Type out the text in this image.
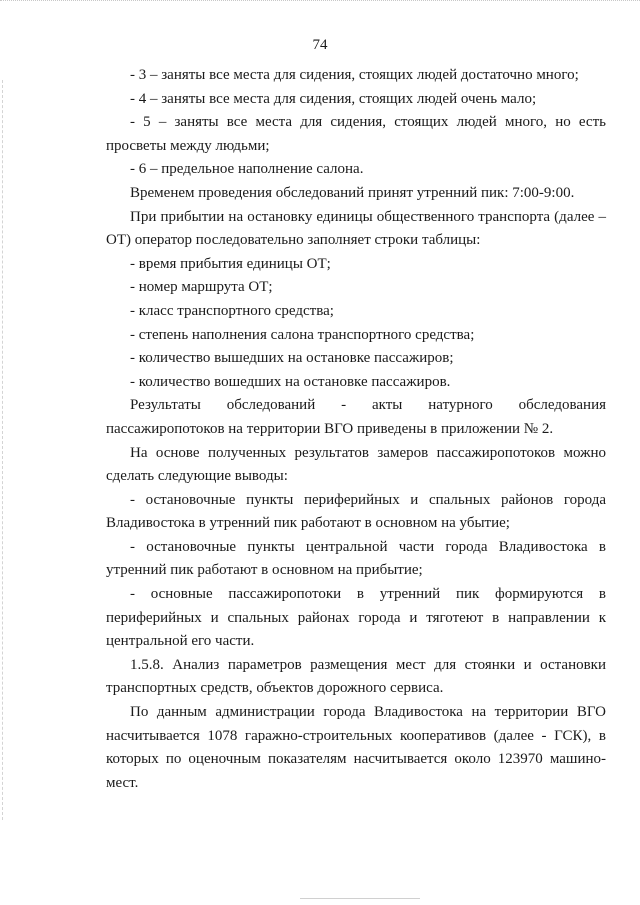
74

- 3 – заняты все места для сидения, стоящих людей достаточно много;

- 4 – заняты все места для сидения, стоящих людей очень мало;

- 5 – заняты все места для сидения, стоящих людей много, но есть просветы между людьми;

- 6 – предельное наполнение салона.

Временем проведения обследований принят утренний пик: 7:00-9:00.

При прибытии на остановку единицы общественного транспорта (далее – ОТ) оператор последовательно заполняет строки таблицы:

- время прибытия единицы ОТ;

- номер маршрута ОТ;

- класс транспортного средства;

- степень наполнения салона транспортного средства;

- количество вышедших на остановке пассажиров;

- количество вошедших на остановке пассажиров.

Результаты обследований - акты натурного обследования пассажиропотоков на территории ВГО приведены в приложении № 2.

На основе полученных результатов замеров пассажиропотоков можно сделать следующие выводы:

- остановочные пункты периферийных и спальных районов города Владивостока в утренний пик работают в основном на убытие;

- остановочные пункты центральной части города Владивостока в утренний пик работают в основном на прибытие;

- основные пассажиропотоки в утренний пик формируются в периферийных и спальных районах города и тяготеют в направлении к центральной его части.

1.5.8. Анализ параметров размещения мест для стоянки и остановки транспортных средств, объектов дорожного сервиса.

По данным администрации города Владивостока на территории ВГО насчитывается 1078 гаражно-строительных кооперативов (далее - ГСК), в которых по оценочным показателям насчитывается около 123970 машино-мест.
